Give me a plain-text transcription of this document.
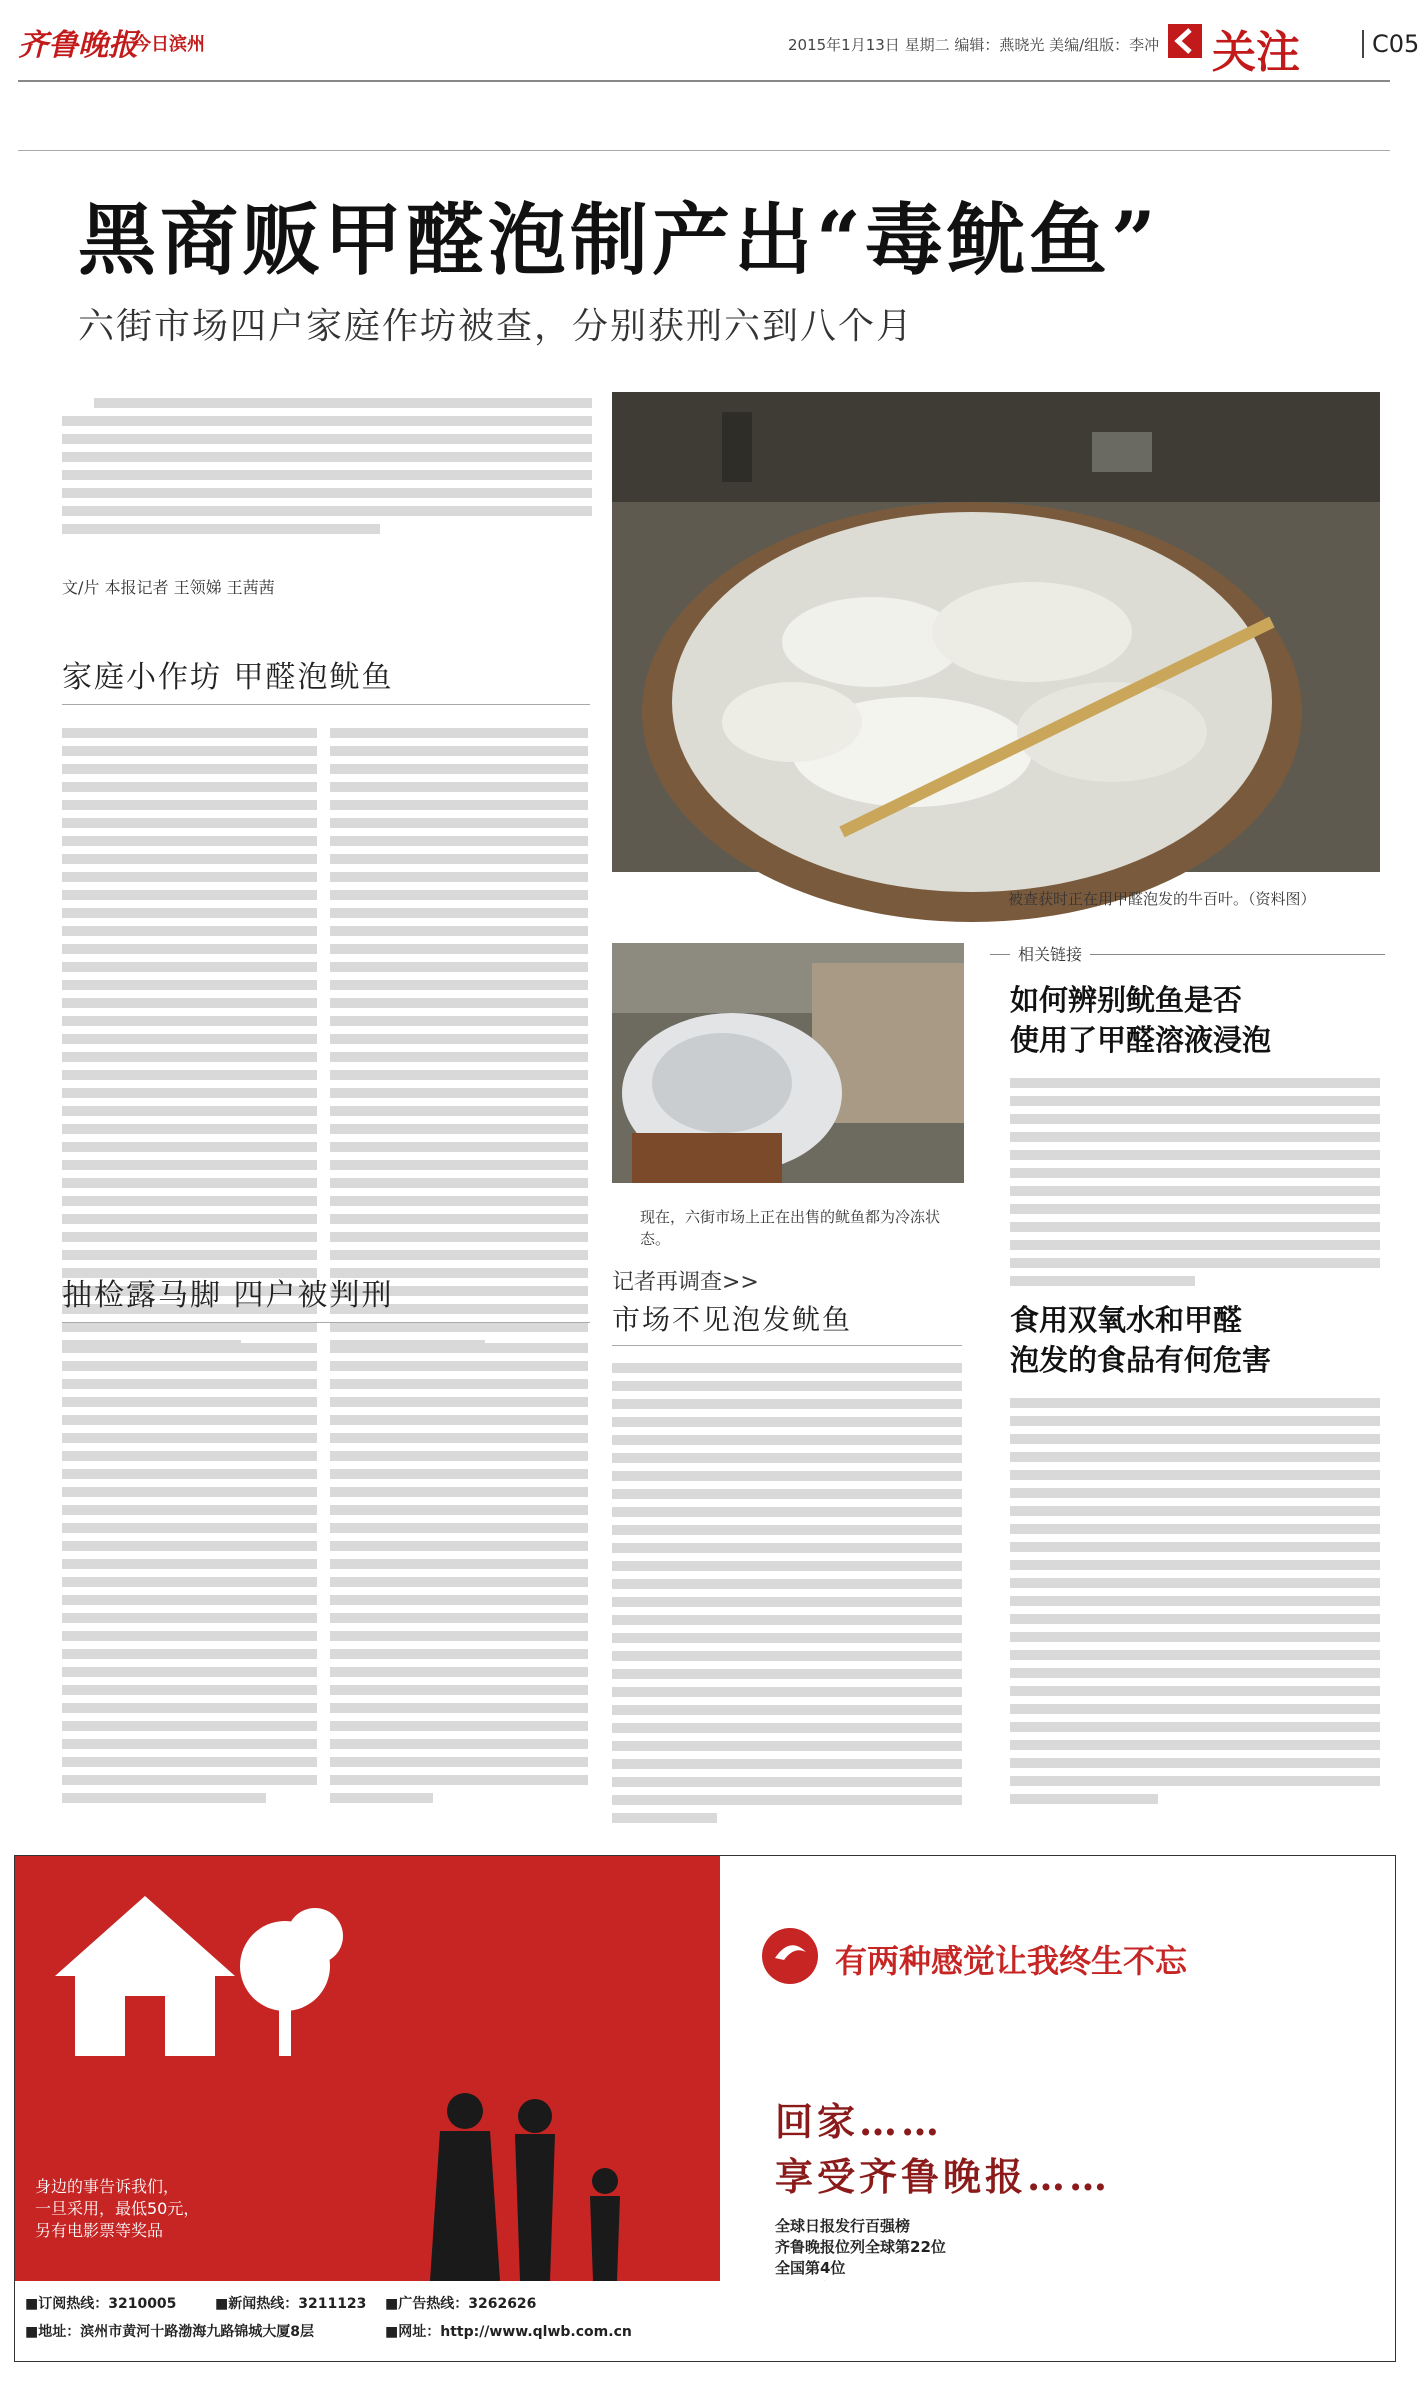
齐鲁晚报
今日滨州	2015年1月13日 星期二 编辑：燕晓光 美编/组版：李冲 关注	C05
黑商贩甲醛泡制产出“毒鱿鱼”
六街市场四户家庭作坊被查，分别获刑六到八个月
文/片 本报记者 王领娣 王茜茜
家庭小作坊 甲醛泡鱿鱼
抽检露马脚 四户被判刑
被查获时正在用甲醛泡发的牛百叶。（资料图）
现在，六街市场上正在出售的鱿鱼都为冷冻状态。
记者再调查>>
市场不见泡发鱿鱼
相关链接
如何辨别鱿鱼是否
使用了甲醛溶液浸泡
食用双氧水和甲醛
泡发的食品有何危害
有两种感觉让我终生不忘
身边的事告诉我们，
一旦采用，最低50元，
另有电影票等奖品
回家……
享受齐鲁晚报……
全球日报发行百强榜
齐鲁晚报位列全球第22位
全国第4位
■订阅热线：3210005	■新闻热线：3211123 ■广告热线：3262626
■地址：滨州市黄河十路渤海九路锦城大厦8层	■网址：http://www.qlwb.com.cn
